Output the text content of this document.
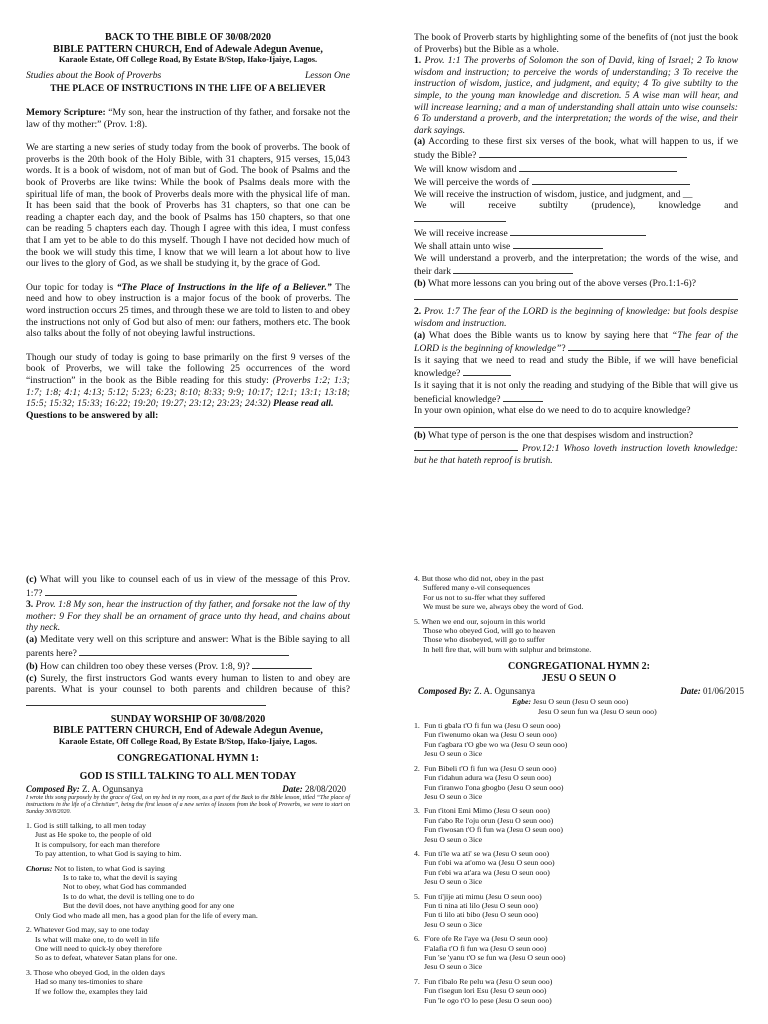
BACK TO THE BIBLE OF 30/08/2020

BIBLE PATTERN CHURCH, End of Adewale Adegun Avenue,

Karaole Estate, Off College Road, By Estate B/Stop, Ifako-Ijaiye, Lagos.

Studies about the Book of Proverbs	Lesson One

THE PLACE OF INSTRUCTIONS IN THE LIFE OF A BELIEVER

Memory Scripture: “My son, hear the instruction of thy father, and forsake not the law of thy mother:” (Prov. 1:8).

We are starting a new series of study today from the book of proverbs. The book of proverbs is the 20th book of the Holy Bible, with 31 chapters, 915 verses, 15,043 words. It is a book of wisdom, not of man but of God. The book of Psalms and the book of Proverbs are like twins: While the book of Psalms deals more with the spiritual life of man, the book of Proverbs deals more with the physical life of man. It has been said that the book of Proverbs has 31 chapters, so that one can be reading a chapter each day, and the book of Psalms has 150 chapters, so that one can be reading 5 chapters each day. Though I agree with this idea, I must confess that I am yet to be able to do this myself. Though I have not decided how much of the book we will study this time, I know that we will learn a lot about how to live our lives to the glory of God, as we shall be studying it, by the grace of God.

Our topic for today is “The Place of Instructions in the life of a Believer.” The need and how to obey instruction is a major focus of the book of proverbs. The word instruction occurs 25 times, and through these we are told to listen to and obey the instructions not only of God but also of men: our fathers, mothers etc. The book also talks about the folly of not obeying lawful instructions.

Though our study of today is going to base primarily on the first 9 verses of the book of Proverbs, we will take the following 25 occurrences of the word “instruction” in the book as the Bible reading for this study: (Proverbs 1:2; 1:3; 1:7; 1:8; 4:1; 4:13; 5:12; 5:23; 6:23; 8:10; 8:33; 9:9; 10:17; 12:1; 13:1; 13:18; 15:5; 15:32; 15:33; 16:22; 19:20; 19:27; 23:12; 23:23; 24:32) Please read all.

Questions to be answered by all:

The book of Proverb starts by highlighting some of the benefits of (not just the book of Proverbs) but the Bible as a whole.

1. Prov. 1:1 The proverbs of Solomon the son of David, king of Israel; 2 To know wisdom and instruction; to perceive the words of understanding; 3 To receive the instruction of wisdom, justice, and judgment, and equity; 4 To give subtilty to the simple, to the young man knowledge and discretion. 5 A wise man will hear, and will increase learning; and a man of understanding shall attain unto wise counsels: 6 To understand a proverb, and the interpretation; the words of the wise, and their dark sayings.

(a) According to these first six verses of the book, what will happen to us, if we study the Bible?

We will know wisdom and

We will perceive the words of

We will receive the instruction of wisdom, justice, and judgment, and __

We will receive subtilty (prudence), knowledge and

We will receive increase

We shall attain unto wise

We will understand a proverb, and the interpretation; the words of the wise, and their dark

(b) What more lessons can you bring out of the above verses (Pro.1:1-6)?

2. Prov. 1:7 The fear of the LORD is the beginning of knowledge: but fools despise wisdom and instruction.

(a) What does the Bible wants us to know by saying here that “The fear of the LORD is the beginning of knowledge”?

Is it saying that we need to read and study the Bible, if we will have beneficial knowledge?

Is it saying that it is not only the reading and studying of the Bible that will give us beneficial knowledge?

In your own opinion, what else do we need to do to acquire knowledge?

(b) What type of person is the one that despises wisdom and instruction?

Prov.12:1 Whoso loveth instruction loveth knowledge: but he that hateth reproof is brutish.

(c) What will you like to counsel each of us in view of the message of this Prov. 1:7?

3. Prov. 1:8 My son, hear the instruction of thy father, and forsake not the law of thy mother: 9 For they shall be an ornament of grace unto thy head, and chains about thy neck.

(a) Meditate very well on this scripture and answer: What is the Bible saying to all parents here?

(b) How can children too obey these verses (Prov. 1:8, 9)?

(c) Surely, the first instructors God wants every human to listen to and obey are parents. What is your counsel to both parents and children because of this?

SUNDAY WORSHIP OF 30/08/2020

BIBLE PATTERN CHURCH, End of Adewale Adegun Avenue,

Karaole Estate, Off College Road, By Estate B/Stop, Ifako-Ijaiye, Lagos.

CONGREGATIONAL HYMN 1:

GOD IS STILL TALKING TO ALL MEN TODAY

Composed By: Z. A. Ogunsanya	Date: 28/08/2020

I wrote this song purposely by the grace of God, on my bed in my room, as a part of the Back to the Bible lesson, titled “The place of instructions in the life of a Christian”, being the first lesson of a new series of lessons from the book of Proverbs, we were to start on Sunday 30/8/2020.

1. God is still talking, to all men today
Just as He spoke to, the people of old
It is compulsory, for each man therefore
To pay attention, to what God is saying to him.
Chorus: Not to listen, to what God is saying
Is to take to, what the devil is saying
Not to obey, what God has commanded
Is to do what, the devil is telling one to do
But the devil does, not have anything good for any one
Only God who made all men, has a good plan for the life of every man.
2. Whatever God may, say to one today
Is what will make one, to do well in life
One will need to quick-ly obey therefore
So as to defeat, whatever Satan plans for one.
3. Those who obeyed God, in the olden days
Had so many tes-timonies to share
If we follow the, examples they laid
4. But those who did not, obey in the past
Suffered many e-vil consequences
For us not to su-ffer what they suffered
We must be sure we, always obey the word of God.
5. When we end our, sojourn in this world
Those who obeyed God, will go to heaven
Those who disobeyed, will go to suffer
In hell fire that, will burn with sulphur and brimstone.

CONGREGATIONAL HYMN 2:

JESU O SEUN O

Composed By: Z. A. Ogunsanya	Date: 01/06/2015
Egbe: Jesu O seun (Jesu O seun ooo)
Jesu O seun fun wa (Jesu O seun ooo)
1. Fun ti gbala t'O fi fun wa (Jesu O seun ooo)
Fun t'iwenumo okan wa (Jesu O seun ooo)
Fun t'agbara t'O gbe wo wa (Jesu O seun ooo)
Jesu O seun o 3ice
2. Fun Bibeli t'O fi fun wa (Jesu O seun ooo)
Fun t'idahun adura wa (Jesu O seun ooo)
Fun t'iranwo l'ona gbogbo (Jesu O seun ooo)
Jesu O seun o 3ice
3. Fun t'itoni Emi Mimo (Jesu O seun ooo)
Fun t'abo Re l'oju orun (Jesu O seun ooo)
Fun t'iwosan t'O fi fun wa (Jesu O seun ooo)
Jesu O seun o 3ice
4. Fun ti'le wa ati' se wa (Jesu O seun ooo)
Fun t'obi wa at'omo wa (Jesu O seun ooo)
Fun t'ebi wa at'ara wa (Jesu O seun ooo)
Jesu O seun o 3ice
5. Fun ti'jije ati mimu (Jesu O seun ooo)
Fun ti nina ati lilo (Jesu O seun ooo)
Fun ti lilo ati bibo (Jesu O seun ooo)
Jesu O seun o 3ice
6. F'ore ofe Re l'aye wa (Jesu O seun ooo)
F'alafia t'O fi fun wa (Jesu O seun ooo)
Fun 'se 'yanu t'O se fun wa (Jesu O seun ooo)
Jesu O seun o 3ice
7. Fun t'ibalo Re pelu wa (Jesu O seun ooo)
Fun t'isegun lori Esu (Jesu O seun ooo)
Fun 'le ogo t'O lo pese (Jesu O seun ooo)
